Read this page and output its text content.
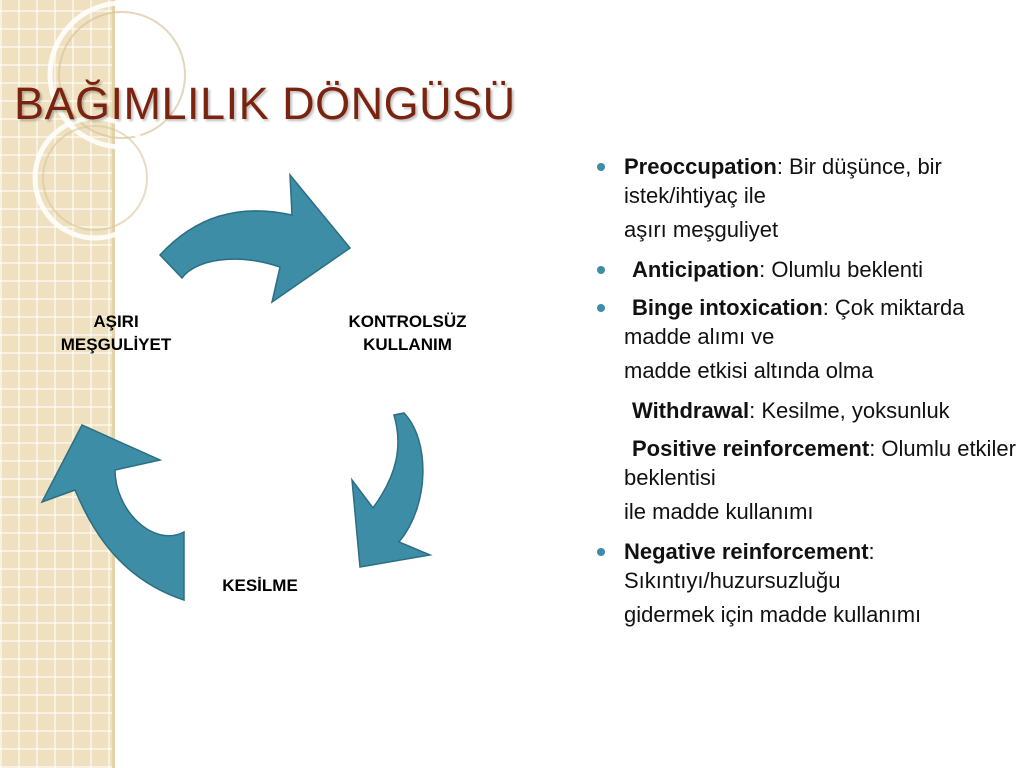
BAĞIMLILIK DÖNGÜSÜ
AŞIRI MEŞGULİYET
KONTROLSÜZ KULLANIM
KESİLME
Preoccupation: Bir düşünce, bir istek/ihtiyaç ile
aşırı meşguliyet
Anticipation: Olumlu beklenti
Binge intoxication: Çok miktarda madde alımı ve
madde etkisi altında olma
Withdrawal: Kesilme, yoksunluk
Positive reinforcement: Olumlu etkiler beklentisi
ile madde kullanımı
Negative reinforcement: Sıkıntıyı/huzursuzluğu
gidermek için madde kullanımı
